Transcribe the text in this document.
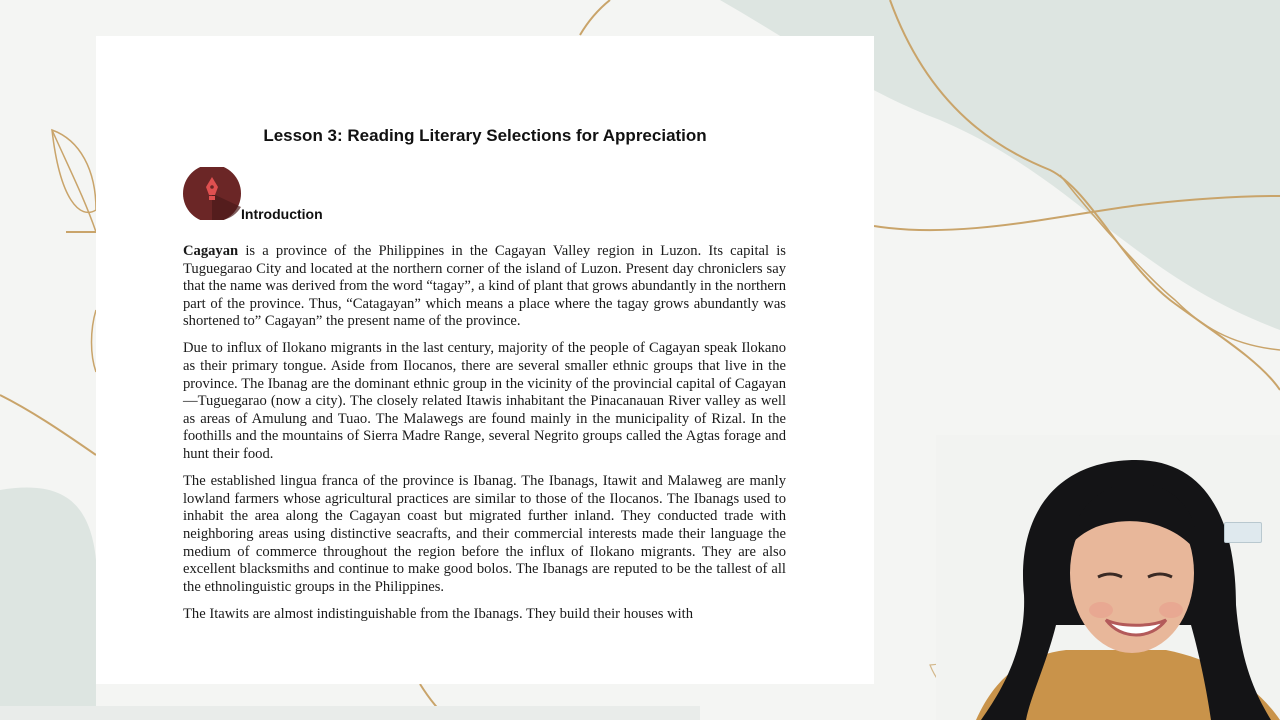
Lesson 3: Reading Literary Selections for Appreciation
Introduction

Cagayan is a province of the Philippines in the Cagayan Valley region in Luzon. Its capital is Tuguegarao City and located at the northern corner of the island of Luzon. Present day chroniclers say that the name was derived from the word “tagay”, a kind of plant that grows abundantly in the northern part of the province. Thus, “Catagayan” which means a place where the tagay grows abundantly was shortened to” Cagayan” the present name of the province.

Due to influx of Ilokano migrants in the last century, majority of the people of Cagayan speak Ilokano as their primary tongue. Aside from Ilocanos, there are several smaller ethnic groups that live in the province. The Ibanag are the dominant ethnic group in the vicinity of the provincial capital of Cagayan—Tuguegarao (now a city). The closely related Itawis inhabitant the Pinacanauan River valley as well as areas of Amulung and Tuao. The Malawegs are found mainly in the municipality of Rizal. In the foothills and the mountains of Sierra Madre Range, several Negrito groups called the Agtas forage and hunt their food.

The established lingua franca of the province is Ibanag. The Ibanags, Itawit and Malaweg are manly lowland farmers whose agricultural practices are similar to those of the Ilocanos. The Ibanags used to inhabit the area along the Cagayan coast but migrated further inland. They conducted trade with neighboring areas using distinctive seacrafts, and their commercial interests made their language the medium of commerce throughout the region before the influx of Ilokano migrants. They are also excellent blacksmiths and continue to make good bolos. The Ibanags are reputed to be the tallest of all the ethnolinguistic groups in the Philippines.

The Itawits are almost indistinguishable from the Ibanags. They build their houses with
